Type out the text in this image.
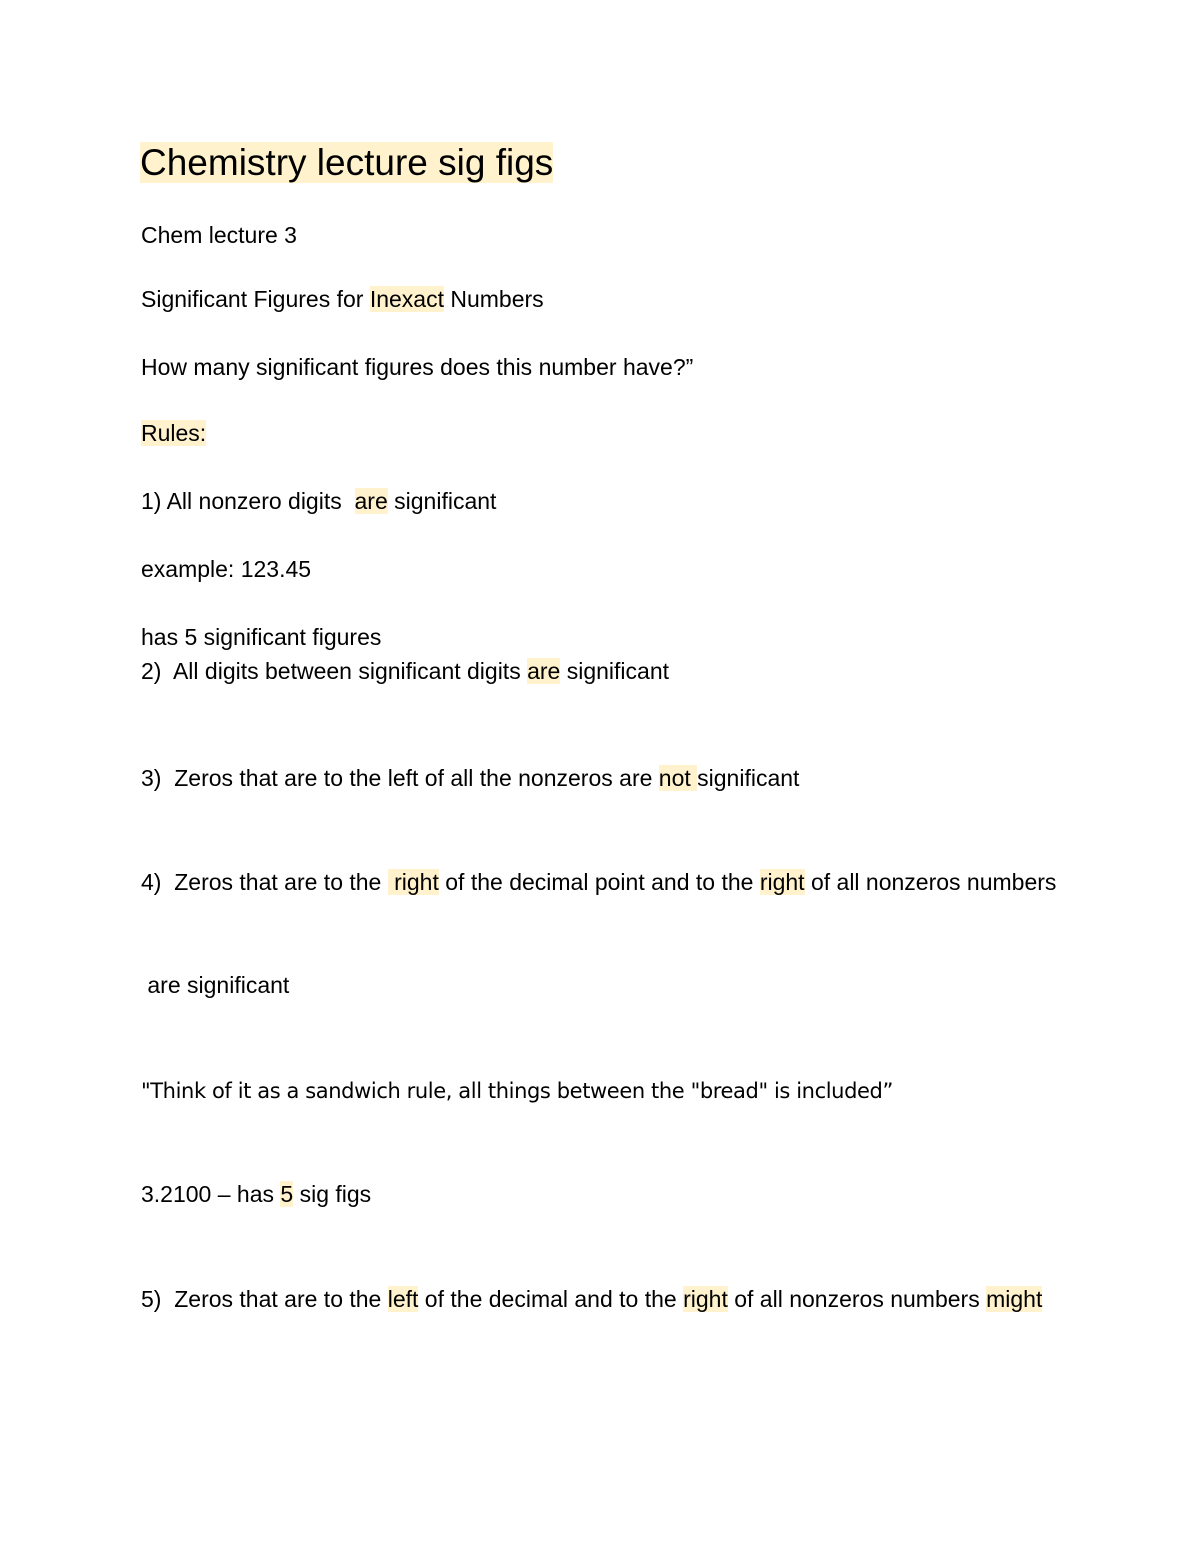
Chemistry lecture sig figs
Chem lecture 3
Significant Figures for Inexact Numbers
How many significant figures does this number have?”
Rules:
1) All nonzero digits  are significant
example: 123.45
has 5 significant figures
2)  All digits between significant digits are significant
3)  Zeros that are to the left of all the nonzeros are not significant
4)  Zeros that are to the  right of the decimal point and to the right of all nonzeros numbers
are significant
"Think of it as a sandwich rule, all things between the "bread" is included”
3.2100 – has 5 sig figs
5)  Zeros that are to the left of the decimal and to the right of all nonzeros numbers might
